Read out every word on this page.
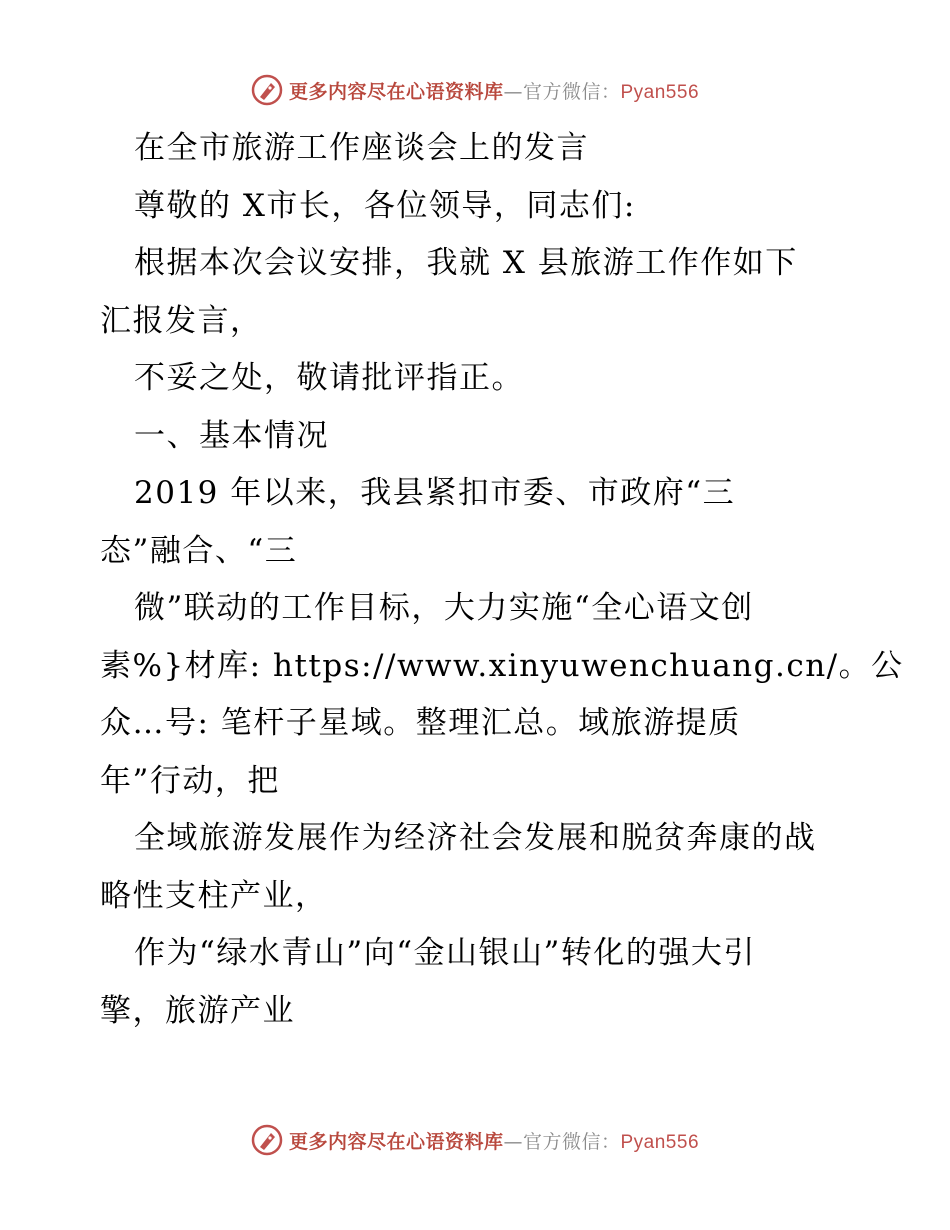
更多内容尽在心语资料库—官方微信：Pyan556
在全市旅游工作座谈会上的发言
尊敬的 X市长，各位领导，同志们:
根据本次会议安排，我就 X 县旅游工作作如下
汇报发言，
不妥之处，敬请批评指正。
一、基本情况
2019 年以来，我县紧扣市委、市政府“三
态”融合、“三
微”联动的工作目标，大力实施“全心语文创
素%}材库: https://www.xinyuwenchuang.cn/。公
众…号: 笔杆子星域。整理汇总。域旅游提质
年”行动，把
全域旅游发展作为经济社会发展和脱贫奔康的战
略性支柱产业，
作为“绿水青山”向“金山银山”转化的强大引
擎，旅游产业
更多内容尽在心语资料库—官方微信：Pyan556
